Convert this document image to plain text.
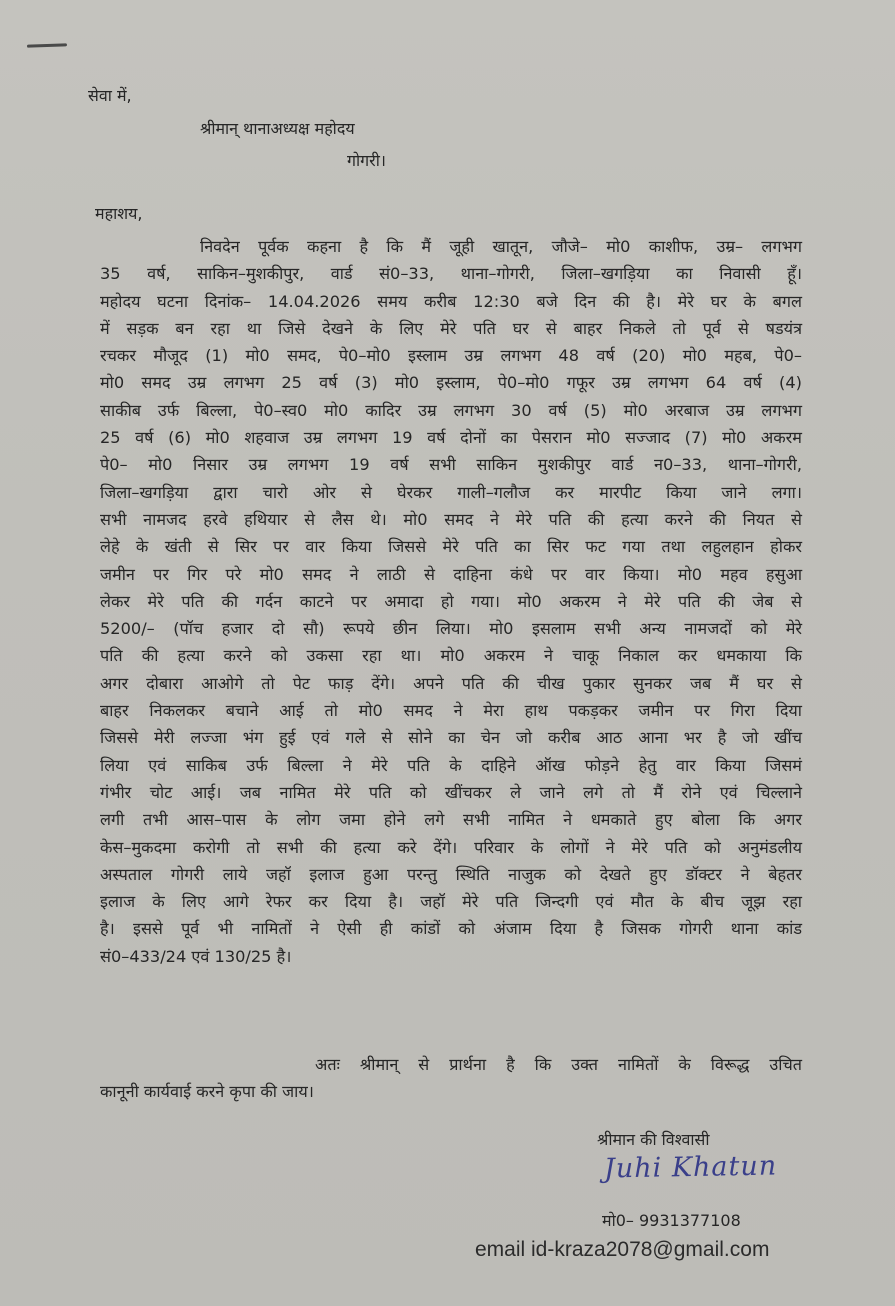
सेवा में,
श्रीमान् थानाअध्यक्ष महोदय
गोगरी।
महाशय,
निवदेन पूर्वक कहना है कि मैं जूही खातून, जौजे– मो0 काशीफ, उम्र– लगभग
35 वर्ष, साकिन–मुशकीपुर, वार्ड सं0–33, थाना–गोगरी, जिला–खगड़िया का निवासी हूँ।
महोदय घटना दिनांक– 14.04.2026 समय करीब 12:30 बजे दिन की है। मेरे घर के बगल
में सड़क बन रहा था जिसे देखने के लिए मेरे पति घर से बाहर निकले तो पूर्व से षडयंत्र
रचकर मौजूद (1) मो0 समद, पे0–मो0 इस्लाम उम्र लगभग 48 वर्ष (20) मो0 महब, पे0–
मो0 समद उम्र लगभग 25 वर्ष (3) मो0 इस्लाम, पे0–मो0 गफूर उम्र लगभग 64 वर्ष (4)
साकीब उर्फ बिल्ला, पे0–स्व0 मो0 कादिर उम्र लगभग 30 वर्ष (5) मो0 अरबाज उम्र लगभग
25 वर्ष (6) मो0 शहवाज उम्र लगभग 19 वर्ष दोनों का पेसरान मो0 सज्जाद (7) मो0 अकरम
पे0– मो0 निसार उम्र लगभग 19 वर्ष सभी साकिन मुशकीपुर वार्ड न0–33, थाना–गोगरी,
जिला–खगड़िया द्वारा चारो ओर से घेरकर गाली–गलौज कर मारपीट किया जाने लगा।
सभी नामजद हरवे हथियार से लैस थे। मो0 समद ने मेरे पति की हत्या करने की नियत से
लेहे के खंती से सिर पर वार किया जिससे मेरे पति का सिर फट गया तथा लहुलहान होकर
जमीन पर गिर परे मो0 समद ने लाठी से दाहिना कंधे पर वार किया। मो0 महव हसुआ
लेकर मेरे पति की गर्दन काटने पर अमादा हो गया। मो0 अकरम ने मेरे पति की जेब से
5200/– (पॉच हजार दो सौ) रूपये छीन लिया। मो0 इसलाम सभी अन्य नामजदों को मेरे
पति की हत्या करने को उकसा रहा था। मो0 अकरम ने चाकू निकाल कर धमकाया कि
अगर दोबारा आओगे तो पेट फाड़ देंगे। अपने पति की चीख पुकार सुनकर जब मैं घर से
बाहर निकलकर बचाने आई तो मो0 समद ने मेरा हाथ पकड़कर जमीन पर गिरा दिया
जिससे मेरी लज्जा भंग हुई एवं गले से सोने का चेन जो करीब आठ आना भर है जो खींच
लिया एवं साकिब उर्फ बिल्ला ने मेरे पति के दाहिने ऑख फोड़ने हेतु वार किया जिसमं
गंभीर चोट आई। जब नामित मेरे पति को खींचकर ले जाने लगे तो मैं रोने एवं चिल्लाने
लगी तभी आस–पास के लोग जमा होने लगे सभी नामित ने धमकाते हुए बोला कि अगर
केस–मुकदमा करोगी तो सभी की हत्या करे देंगे। परिवार के लोगों ने मेरे पति को अनुमंडलीय
अस्पताल गोगरी लाये जहॉ इलाज हुआ परन्तु स्थिति नाजुक को देखते हुए डॉक्टर ने बेहतर
इलाज के लिए आगे रेफर कर दिया है। जहॉ मेरे पति जिन्दगी एवं मौत के बीच जूझ रहा
है। इससे पूर्व भी नामितों ने ऐसी ही कांडों को अंजाम दिया है जिसक गोगरी थाना कांड
सं0–433/24 एवं 130/25 है।
अतः श्रीमान् से प्रार्थना है कि उक्त नामितों के विरूद्ध उचित
कानूनी कार्यवाई करने कृपा की जाय।
श्रीमान की विश्वासी
Juhi Khatun
मो0– 9931377108
email id-kraza2078@gmail.com
